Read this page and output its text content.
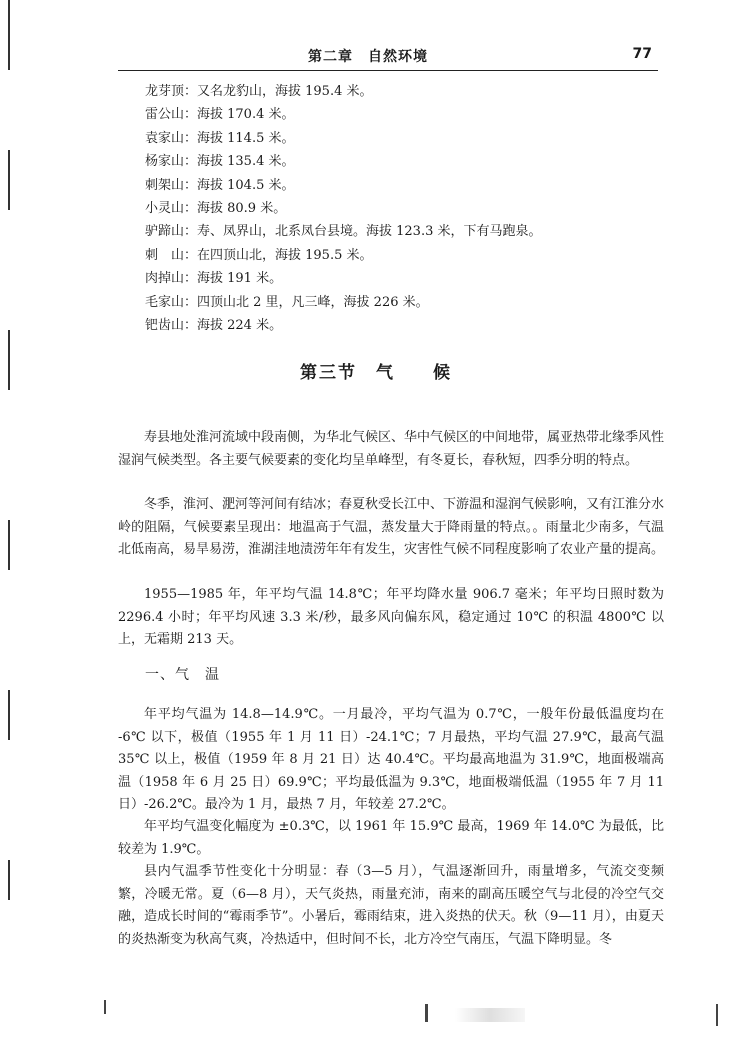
第二章　自然环境	77
龙芽顶：又名龙豹山，海拔 195.4 米。
雷公山：海拔 170.4 米。
袁家山：海拔 114.5 米。
杨家山：海拔 135.4 米。
刺架山：海拔 104.5 米。
小灵山：海拔 80.9 米。
驴蹄山：寿、凤界山，北系凤台县境。海拔 123.3 米，下有马跑泉。
刺　山：在四顶山北，海拔 195.5 米。
肉掉山：海拔 191 米。
毛家山：四顶山北 2 里，凡三峰，海拔 226 米。
钯齿山：海拔 224 米。
第三节　气　　候

寿县地处淮河流域中段南侧，为华北气候区、华中气候区的中间地带，属亚热带北缘季风性湿润气候类型。各主要气候要素的变化均呈单峰型，有冬夏长，春秋短，四季分明的特点。

冬季，淮河、淝河等河间有结冰；春夏秋受长江中、下游温和湿润气候影响，又有江淮分水岭的阻隔，气候要素呈现出：地温高于气温，蒸发量大于降雨量的特点。。雨量北少南多，气温北低南高，易旱易涝，淮湖洼地渍涝年年有发生，灾害性气候不同程度影响了农业产量的提高。

1955—1985 年，年平均气温 14.8℃；年平均降水量 906.7 毫米；年平均日照时数为 2296.4 小时；年平均风速 3.3 米/秒，最多风向偏东风，稳定通过 10℃ 的积温 4800℃ 以上，无霜期 213 天。

一、气　温

年平均气温为 14.8—14.9℃。一月最冷，平均气温为 0.7℃，一般年份最低温度均在 -6℃ 以下，极值（1955 年 1 月 11 日）-24.1℃；7 月最热，平均气温 27.9℃，最高气温 35℃ 以上，极值（1959 年 8 月 21 日）达 40.4℃。平均最高地温为 31.9℃，地面极端高温（1958 年 6 月 25 日）69.9℃；平均最低温为 9.3℃，地面极端低温（1955 年 7 月 11 日）-26.2℃。最冷为 1 月，最热 7 月，年较差 27.2℃。

年平均气温变化幅度为 ±0.3℃，以 1961 年 15.9℃ 最高，1969 年 14.0℃ 为最低，比较差为 1.9℃。

县内气温季节性变化十分明显：春（3—5 月），气温逐渐回升，雨量增多，气流交变频繁，冷暖无常。夏（6—8 月），天气炎热，雨量充沛，南来的副高压暖空气与北侵的冷空气交融，造成长时间的“霉雨季节”。小暑后，霉雨结束，进入炎热的伏天。秋（9—11 月），由夏天的炎热渐变为秋高气爽，冷热适中，但时间不长，北方冷空气南压，气温下降明显。冬
